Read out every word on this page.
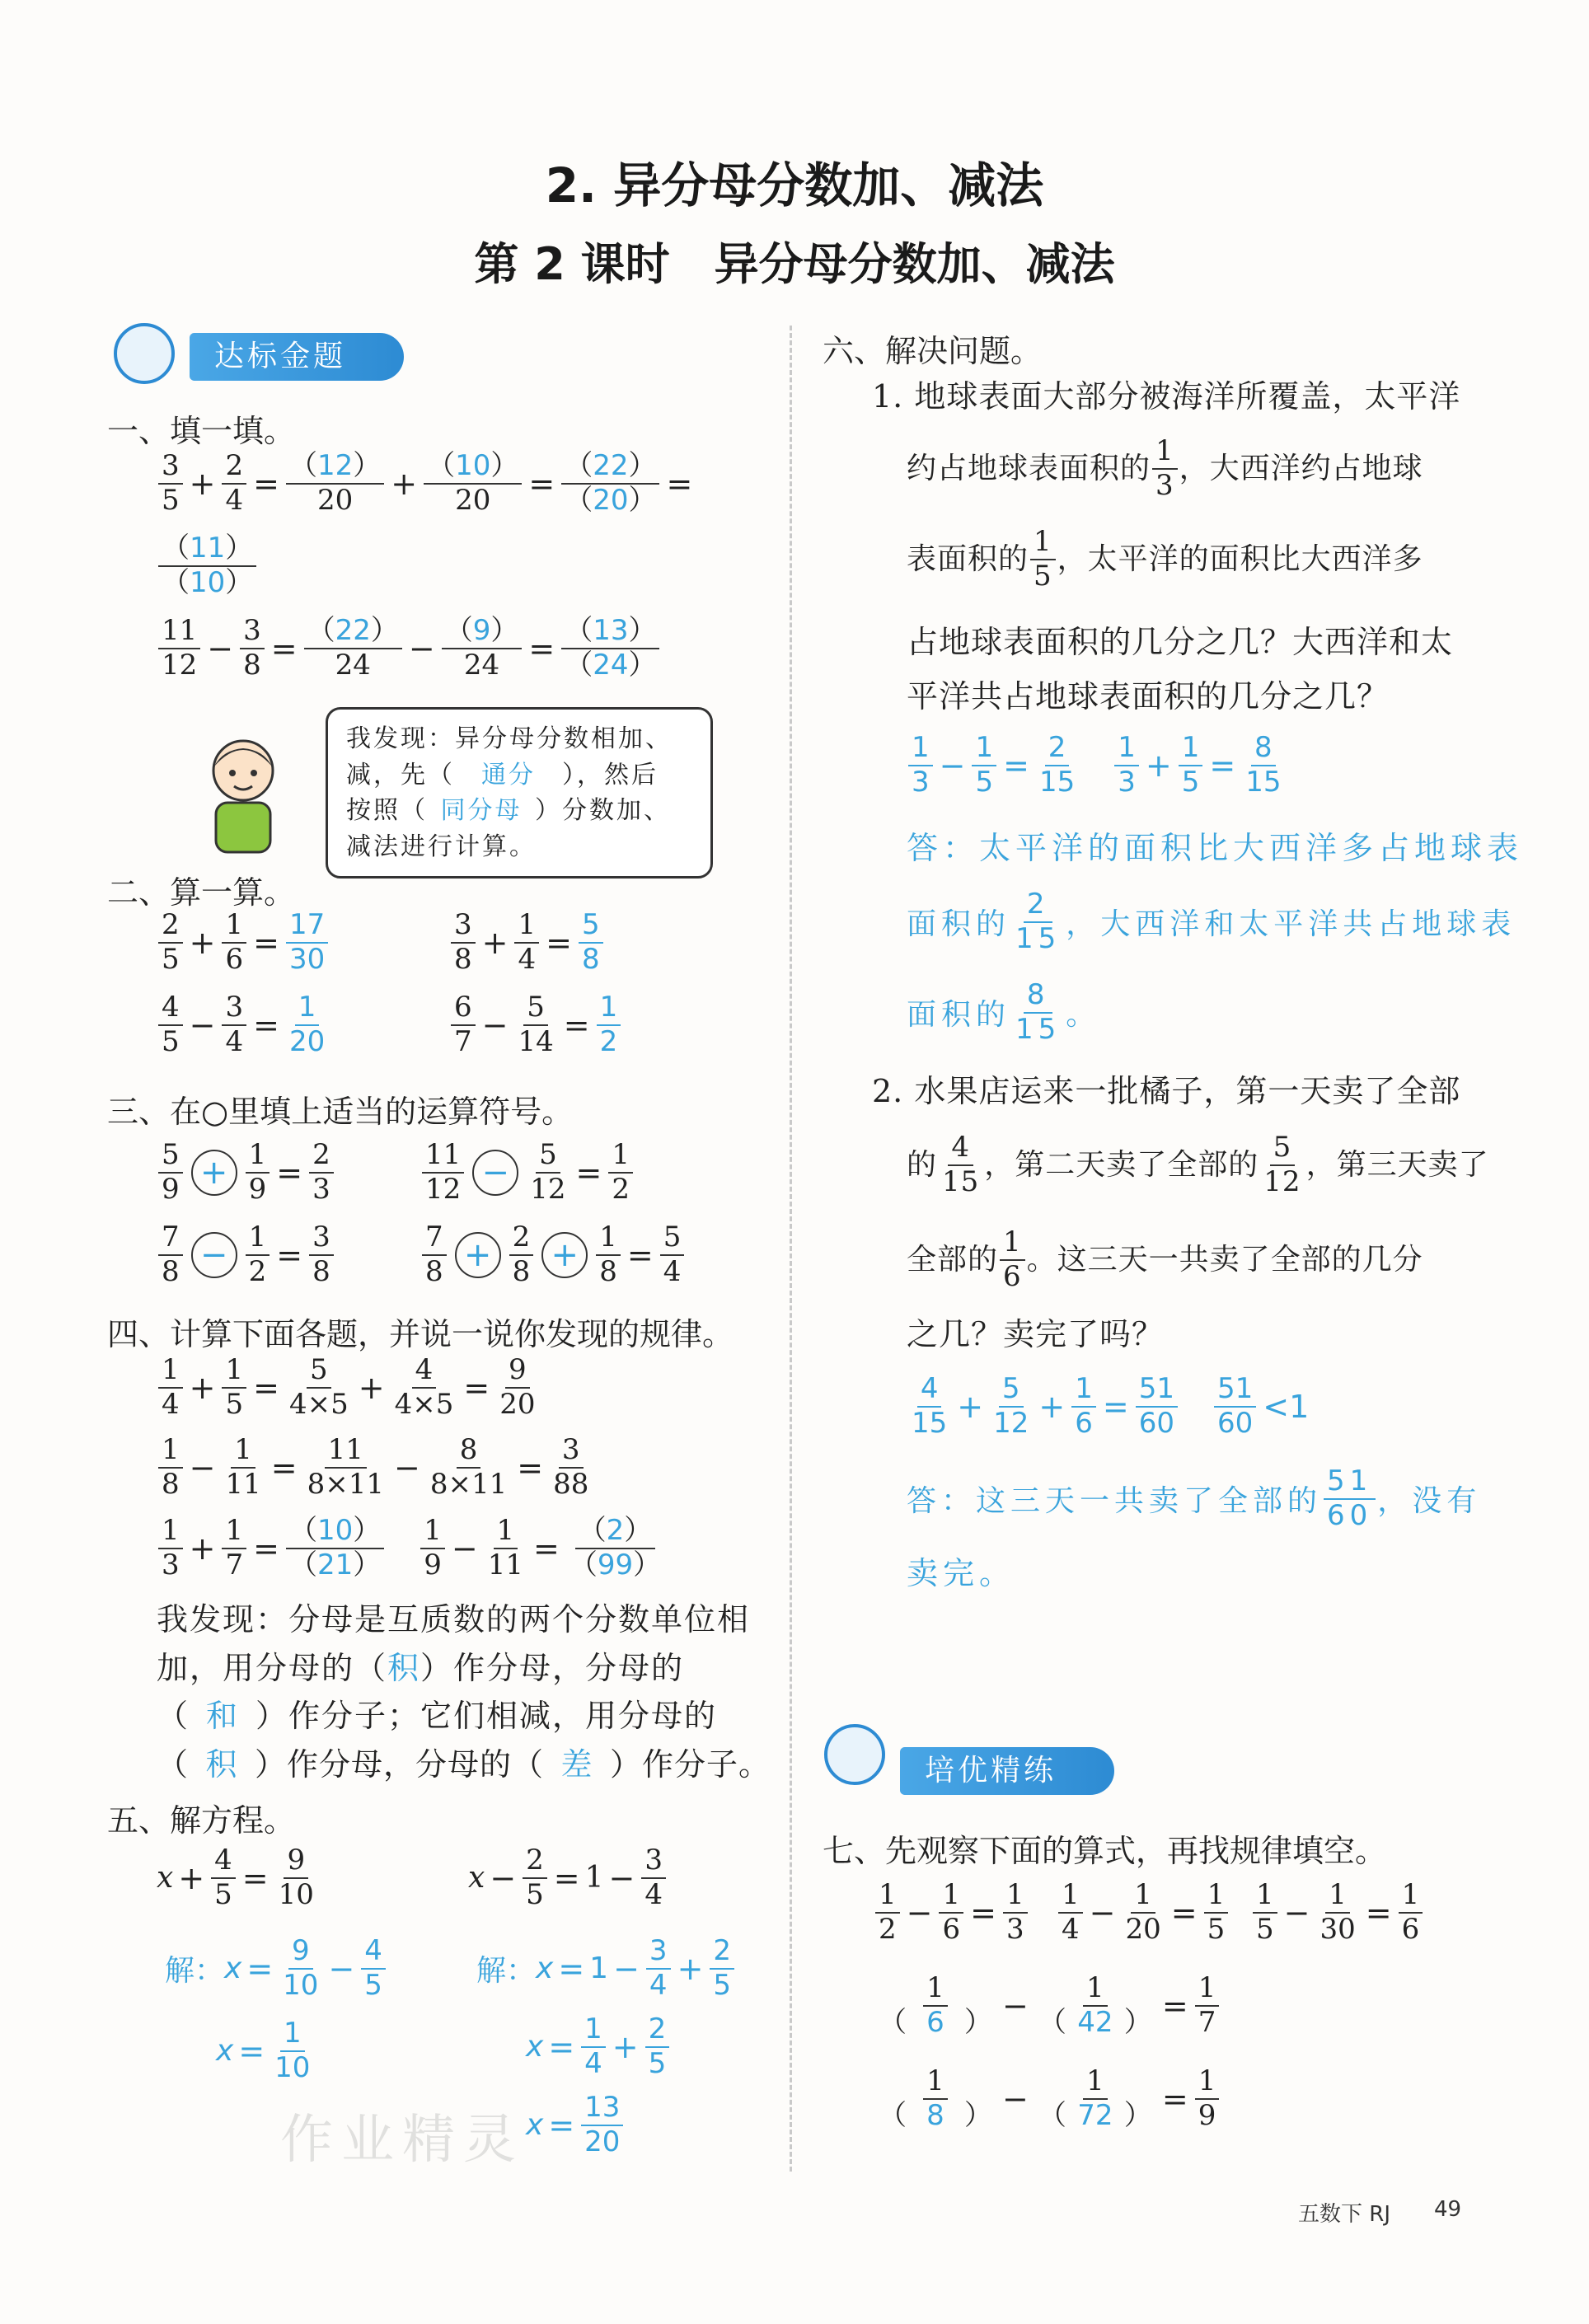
2. 异分母分数加、减法
第 2 课时　异分母分数加、减法
达标金题
一、填一填。
$\frac{3}{5} + \frac{2}{4} = \frac{(12)}{20} + \frac{(10)}{20} = \frac{(22)}{(20)}$ =
$\frac{(11)}{(10)}$
$\frac{11}{12} - \frac{3}{8} = \frac{(22)}{24} - \frac{(9)}{24} = \frac{(13)}{(24)}$
我发现：异分母分数相加、
减，先（ 通分 ），然后
按照（ 同分母 ）分数加、
减法进行计算。
二、算一算。
$\frac{2}{5} + \frac{1}{6} = \frac{17}{30}$	$\frac{3}{8} + \frac{1}{4} = \frac{5}{8}$
$\frac{4}{5} - \frac{3}{4} = \frac{1}{20}$	$\frac{6}{7} - \frac{5}{14} = \frac{1}{2}$
三、在○里填上适当的运算符号。
$\frac{5}{9} + \frac{1}{9} = \frac{2}{3}$	$\frac{11}{12} - \frac{5}{12} = \frac{1}{2}$
$\frac{7}{8} - \frac{1}{2} = \frac{3}{8}$	$\frac{7}{8} + \frac{2}{8} + \frac{1}{8} = \frac{5}{4}$
四、计算下面各题，并说一说你发现的规律。
$\frac{1}{4} + \frac{1}{5} = \frac{5}{4\times 5} + \frac{4}{4\times 5} = \frac{9}{20}$
$\frac{1}{8} - \frac{1}{11} = \frac{11}{8\times 11} - \frac{8}{8\times 11} = \frac{3}{88}$
$\frac{1}{3} + \frac{1}{7} = \frac{(10)}{(21)} \frac{1}{9} - \frac{1}{11} = \frac{(2)}{(99)}$
我发现：分母是互质数的两个分数单位相
加，用分母的（积）作分母，分母的
（ 和 ）作分子；它们相减，用分母的
（ 积 ）作分母，分母的（ 差 ）作分子。
五、解方程。
$x + \frac{4}{5} = \frac{9}{10}$
解： $x = \frac{9}{10} - \frac{4}{5}$
$x = \frac{1}{10}$
$x - \frac{2}{5} = 1 - \frac{3}{4}$
解： $x = 1 - \frac{3}{4} + \frac{2}{5}$
$x = \frac{1}{4} + \frac{2}{5}$
$x = \frac{13}{20}$
作业精灵
六、解决问题。
1. 地球表面大部分被海洋所覆盖，太平洋
约占地球表面积的 $\frac{1}{3}$ ，大西洋约占地球
表面积的 $\frac{1}{5}$ ，太平洋的面积比大西洋多
占地球表面积的几分之几？大西洋和太
平洋共占地球表面积的几分之几？
$\frac{1}{3} - \frac{1}{5} = \frac{2}{15} \frac{1}{3} + \frac{1}{5} = \frac{8}{15}$
答：太平洋的面积比大西洋多占地球表
面积的 $\frac{2}{15}$ ，大西洋和太平洋共占地球表
面积的 $\frac{8}{15}$ 。
2. 水果店运来一批橘子，第一天卖了全部
的 $\frac{4}{15}$ ，第二天卖了全部的 $\frac{5}{12}$ ，第三天卖了
全部的 $\frac{1}{6}$ 。这三天一共卖了全部的几分
之几？卖完了吗？
$\frac{4}{15} + \frac{5}{12} + \frac{1}{6} = \frac{51}{60} \frac{51}{60} <1$
答：这三天一共卖了全部的 $\frac{51}{60}$ ，没有
卖完。
培优精练
七、先观察下面的算式，再找规律填空。
$\frac{1}{2} - \frac{1}{6} = \frac{1}{3} \frac{1}{4} - \frac{1}{20} = \frac{1}{5} \frac{1}{5} - \frac{1}{30} = \frac{1}{6}$
$\frac{1}{( 6 )} - \frac{1}{( 42 )} = \frac{1}{7}$
$\frac{1}{( 8 )} - \frac{1}{( 72 )} = \frac{1}{9}$
五数下 RJ 49
